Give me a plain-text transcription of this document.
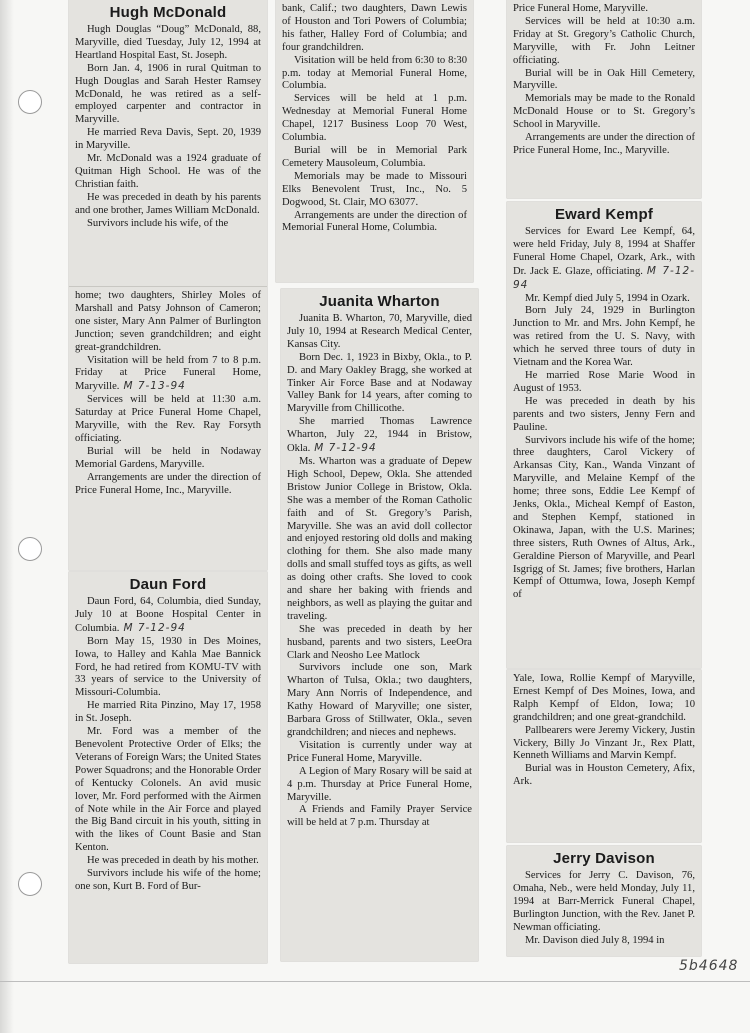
Hugh McDonald

Hugh Douglas “Doug” McDonald, 88, Maryville, died Tuesday, July 12, 1994 at Heartland Hospital East, St. Joseph.

Born Jan. 4, 1906 in rural Quitman to Hugh Douglas and Sarah Hester Ramsey McDonald, he was retired as a self-employed carpenter and contractor in Maryville.

He married Reva Davis, Sept. 20, 1939 in Maryville.

Mr. McDonald was a 1924 graduate of Quitman High School. He was of the Christian faith.

He was preceded in death by his parents and one brother, James William McDonald.

Survivors include his wife, of the

home; two daughters, Shirley Moles of Marshall and Patsy Johnson of Cameron; one sister, Mary Ann Palmer of Burlington Junction; seven grandchildren; and eight great-grandchildren.

Visitation will be held from 7 to 8 p.m. Friday at Price Funeral Home, Maryville. M 7-13-94

Services will be held at 11:30 a.m. Saturday at Price Funeral Home Chapel, Maryville, with the Rev. Ray Forsyth officiating.

Burial will be held in Nodaway Memorial Gardens, Maryville.

Arrangements are under the direction of Price Funeral Home, Inc., Maryville.

Daun Ford

Daun Ford, 64, Columbia, died Sunday, July 10 at Boone Hospital Center in Columbia. M 7-12-94

Born May 15, 1930 in Des Moines, Iowa, to Halley and Kahla Mae Bannick Ford, he had retired from KOMU-TV with 33 years of service to the University of Missouri-Columbia.

He married Rita Pinzino, May 17, 1958 in St. Joseph.

Mr. Ford was a member of the Benevolent Protective Order of Elks; the Veterans of Foreign Wars; the United States Power Squadrons; and the Honorable Order of Kentucky Colonels. An avid music lover, Mr. Ford performed with the Airmen of Note while in the Air Force and played the Big Band circuit in his youth, sitting in with the likes of Count Basie and Stan Kenton.

He was preceded in death by his mother.

Survivors include his wife of the home; one son, Kurt B. Ford of Bur-

bank, Calif.; two daughters, Dawn Lewis of Houston and Tori Powers of Columbia; his father, Halley Ford of Columbia; and four grandchildren.

Visitation will be held from 6:30 to 8:30 p.m. today at Memorial Funeral Home, Columbia.

Services will be held at 1 p.m. Wednesday at Memorial Funeral Home Chapel, 1217 Business Loop 70 West, Columbia.

Burial will be in Memorial Park Cemetery Mausoleum, Columbia.

Memorials may be made to Missouri Elks Benevolent Trust, Inc., No. 5 Dogwood, St. Clair, MO 63077.

Arrangements are under the direction of Memorial Funeral Home, Columbia.

Juanita Wharton

Juanita B. Wharton, 70, Maryville, died July 10, 1994 at Research Medical Center, Kansas City.

Born Dec. 1, 1923 in Bixby, Okla., to P. D. and Mary Oakley Bragg, she worked at Tinker Air Force Base and at Nodaway Valley Bank for 14 years, after coming to Maryville from Chillicothe.

She married Thomas Lawrence Wharton, July 22, 1944 in Bristow, Okla. M 7-12-94

Ms. Wharton was a graduate of Depew High School, Depew, Okla. She attended Bristow Junior College in Bristow, Okla. She was a member of the Roman Catholic faith and of St. Gregory’s Parish, Maryville. She was an avid doll collector and enjoyed restoring old dolls and making clothing for them. She also made many dolls and small stuffed toys as gifts, as well as doing other crafts. She loved to cook and share her baking with friends and neighbors, as well as playing the guitar and traveling.

She was preceded in death by her husband, parents and two sisters, LeeOra Clark and Neosho Lee Matlock

Survivors include one son, Mark Wharton of Tulsa, Okla.; two daughters, Mary Ann Norris of Independence, and Kathy Howard of Maryville; one sister, Barbara Gross of Stillwater, Okla., seven grandchildren; and nieces and nephews.

Visitation is currently under way at Price Funeral Home, Maryville.

A Legion of Mary Rosary will be said at 4 p.m. Thursday at Price Funeral Home, Maryville.

A Friends and Family Prayer Service will be held at 7 p.m. Thursday at

Price Funeral Home, Maryville.

Services will be held at 10:30 a.m. Friday at St. Gregory’s Catholic Church, Maryville, with Fr. John Leitner officiating.

Burial will be in Oak Hill Cemetery, Maryville.

Memorials may be made to the Ronald McDonald House or to St. Gregory’s School in Maryville.

Arrangements are under the direction of Price Funeral Home, Inc., Maryville.

Eward Kempf

Services for Eward Lee Kempf, 64, were held Friday, July 8, 1994 at Shaffer Funeral Home Chapel, Ozark, Ark., with Dr. Jack E. Glaze, officiating. M 7-12-94

Mr. Kempf died July 5, 1994 in Ozark.

Born July 24, 1929 in Burlington Junction to Mr. and Mrs. John Kempf, he was retired from the U. S. Navy, with which he served three tours of duty in Vietnam and the Korea War.

He married Rose Marie Wood in August of 1953.

He was preceded in death by his parents and two sisters, Jenny Fern and Pauline.

Survivors include his wife of the home; three daughters, Carol Vickery of Arkansas City, Kan., Wanda Vinzant of Maryville, and Melaine Kempf of the home; three sons, Eddie Lee Kempf of Jenks, Okla., Micheal Kempf of Easton, and Stephen Kempf, stationed in Okinawa, Japan, with the U.S. Marines; three sisters, Ruth Ownes of Altus, Ark., Geraldine Pierson of Maryville, and Pearl Isgrigg of St. James; five brothers, Harlan Kempf of Ottumwa, Iowa, Joseph Kempf of

Yale, Iowa, Rollie Kempf of Maryville, Ernest Kempf of Des Moines, Iowa, and Ralph Kempf of Eldon, Iowa; 10 grandchildren; and one great-grandchild.

Pallbearers were Jeremy Vickery, Justin Vickery, Billy Jo Vinzant Jr., Rex Platt, Kenneth Williams and Marvin Kempf.

Burial was in Houston Cemetery, Afix, Ark.

Jerry Davison

Services for Jerry C. Davison, 76, Omaha, Neb., were held Monday, July 11, 1994 at Barr-Merrick Funeral Chapel, Burlington Junction, with the Rev. Janet P. Newman officiating.

Mr. Davison died July 8, 1994 in

5b4648
